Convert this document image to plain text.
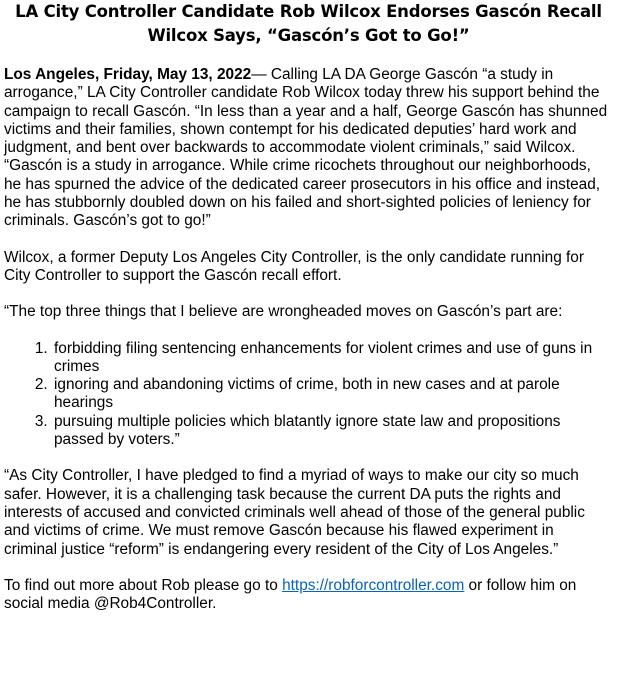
LA City Controller Candidate Rob Wilcox Endorses Gascón Recall
Wilcox Says, “Gascón’s Got to Go!”

Los Angeles, Friday, May 13, 2022— Calling LA DA George Gascón “a study in arrogance,” LA City Controller candidate Rob Wilcox today threw his support behind the campaign to recall Gascón. “In less than a year and a half, George Gascón has shunned victims and their families, shown contempt for his dedicated deputies’ hard work and judgment, and bent over backwards to accommodate violent criminals,” said Wilcox. “Gascón is a study in arrogance. While crime ricochets throughout our neighborhoods, he has spurned the advice of the dedicated career prosecutors in his office and instead, he has stubbornly doubled down on his failed and short-sighted policies of leniency for criminals. Gascón’s got to go!”

Wilcox, a former Deputy Los Angeles City Controller, is the only candidate running for City Controller to support the Gascón recall effort.

“The top three things that I believe are wrongheaded moves on Gascón’s part are:

1. forbidding filing sentencing enhancements for violent crimes and use of guns in crimes
2. ignoring and abandoning victims of crime, both in new cases and at parole hearings
3. pursuing multiple policies which blatantly ignore state law and propositions passed by voters.”

“As City Controller, I have pledged to find a myriad of ways to make our city so much safer. However, it is a challenging task because the current DA puts the rights and interests of accused and convicted criminals well ahead of those of the general public and victims of crime. We must remove Gascón because his flawed experiment in criminal justice “reform” is endangering every resident of the City of Los Angeles.”

To find out more about Rob please go to https://robforcontroller.com or follow him on social media @Rob4Controller.
